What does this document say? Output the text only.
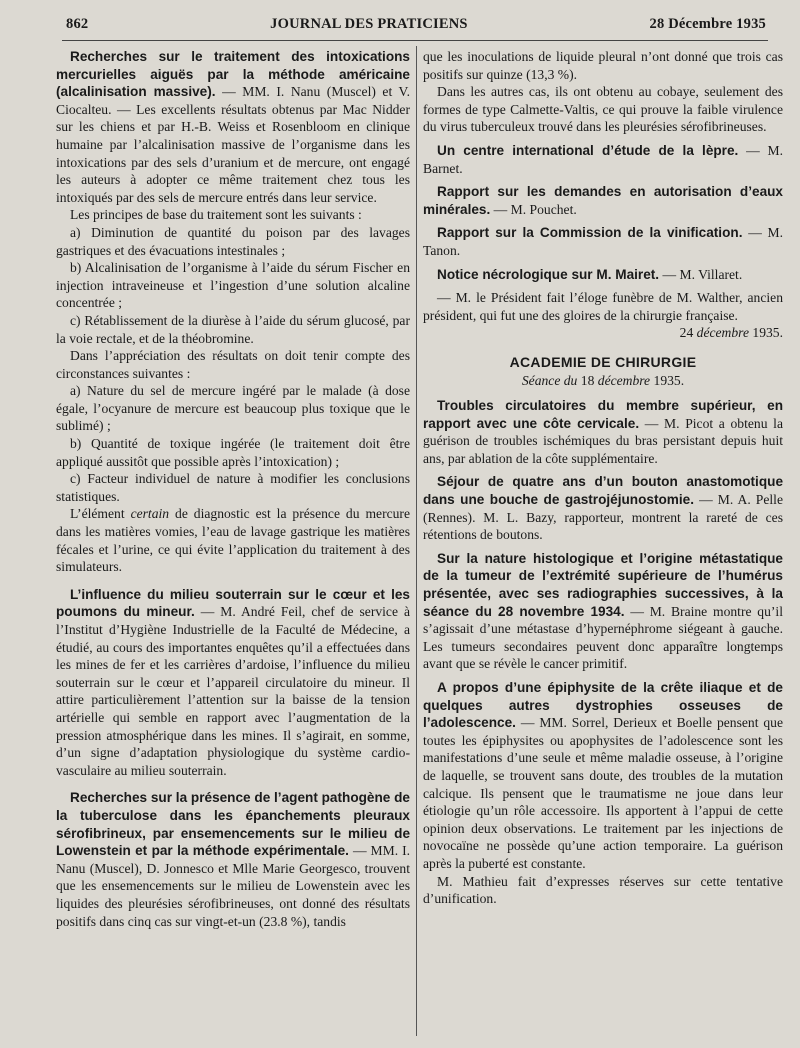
862	JOURNAL DES PRATICIENS	28 Décembre 1935

Recherches sur le traitement des intoxications mercurielles aiguës par la méthode américaine (alcalinisation massive). — MM. I. Nanu (Muscel) et V. Ciocalteu. — Les excellents résultats obtenus par Mac Nidder sur les chiens et par H.-B. Weiss et Rosenbloom en clinique humaine par l’alcalinisation massive de l’organisme dans les intoxications par des sels d’uranium et de mercure, ont engagé les auteurs à adopter ce même traitement chez tous les intoxiqués par des sels de mercure entrés dans leur service.

Les principes de base du traitement sont les suivants :

a) Diminution de quantité du poison par des lavages gastriques et des évacuations intestinales ;

b) Alcalinisation de l’organisme à l’aide du sérum Fischer en injection intraveineuse et l’ingestion d’une solution alcaline concentrée ;

c) Rétablissement de la diurèse à l’aide du sérum glucosé, par la voie rectale, et de la théobromine.

Dans l’appréciation des résultats on doit tenir compte des circonstances suivantes :

a) Nature du sel de mercure ingéré par le malade (à dose égale, l’ocyanure de mercure est beaucoup plus toxique que le sublimé) ;

b) Quantité de toxique ingérée (le traitement doit être appliqué aussitôt que possible après l’intoxication) ;

c) Facteur individuel de nature à modifier les conclusions statistiques.

L’élément certain de diagnostic est la présence du mercure dans les matières vomies, l’eau de lavage gastrique les matières fécales et l’urine, ce qui évite l’application du traitement à des simulateurs.

L’influence du milieu souterrain sur le cœur et les poumons du mineur. — M. André Feil, chef de service à l’Institut d’Hygiène Industrielle de la Faculté de Médecine, a étudié, au cours des importantes enquêtes qu’il a effectuées dans les mines de fer et les carrières d’ardoise, l’influence du milieu souterrain sur le cœur et l’appareil circulatoire du mineur. Il attire particulièrement l’attention sur la baisse de la tension artérielle qui semble en rapport avec l’augmentation de la pression atmosphérique dans les mines. Il s’agirait, en somme, d’un signe d’adaptation physiologique du système cardio-vasculaire au milieu souterrain.

Recherches sur la présence de l’agent pathogène de la tuberculose dans les épanchements pleuraux sérofibrineux, par ensemencements sur le milieu de Lowenstein et par la méthode expérimentale. — MM. I. Nanu (Muscel), D. Jonnesco et Mlle Marie Georgesco, trouvent que les ensemencements sur le milieu de Lowenstein avec les liquides des pleurésies sérofibrineuses, ont donné des résultats positifs dans cinq cas sur vingt-et-un (23.8 %), tandis

que les inoculations de liquide pleural n’ont donné que trois cas positifs sur quinze (13,3 %).

Dans les autres cas, ils ont obtenu au cobaye, seulement des formes de type Calmette-Valtis, ce qui prouve la faible virulence du virus tuberculeux trouvé dans les pleurésies sérofibrineuses.

Un centre international d’étude de la lèpre. — M. Barnet.

Rapport sur les demandes en autorisation d’eaux minérales. — M. Pouchet.

Rapport sur la Commission de la vinification. — M. Tanon.

Notice nécrologique sur M. Mairet. — M. Villaret.

— M. le Président fait l’éloge funèbre de M. Walther, ancien président, qui fut une des gloires de la chirurgie française.

24 décembre 1935.

ACADEMIE DE CHIRURGIE

Séance du 18 décembre 1935.

Troubles circulatoires du membre supérieur, en rapport avec une côte cervicale. — M. Picot a obtenu la guérison de troubles ischémiques du bras persistant depuis huit ans, par ablation de la côte supplémentaire.

Séjour de quatre ans d’un bouton anastomotique dans une bouche de gastrojéjunostomie. — M. A. Pelle (Rennes). M. L. Bazy, rapporteur, montrent la rareté de ces rétentions de boutons.

Sur la nature histologique et l’origine métastatique de la tumeur de l’extrémité supérieure de l’humérus présentée, avec ses radiographies successives, à la séance du 28 novembre 1934. — M. Braine montre qu’il s’agissait d’une métastase d’hypernéphrome siégeant à gauche. Les tumeurs secondaires peuvent donc apparaître longtemps avant que se révèle le cancer primitif.

A propos d’une épiphysite de la crête iliaque et de quelques autres dystrophies osseuses de l’adolescence. — MM. Sorrel, Derieux et Boelle pensent que toutes les épiphysites ou apophysites de l’adolescence sont les manifestations d’une seule et même maladie osseuse, à l’origine de laquelle, se trouvent sans doute, des troubles de la mutation calcique. Ils pensent que le traumatisme ne joue dans leur étiologie qu’un rôle accessoire. Ils apportent à l’appui de cette opinion deux observations. Le traitement par les injections de novocaïne ne possède qu’une action temporaire. La guérison après la puberté est constante.

M. Mathieu fait d’expresses réserves sur cette tentative d’unification.
